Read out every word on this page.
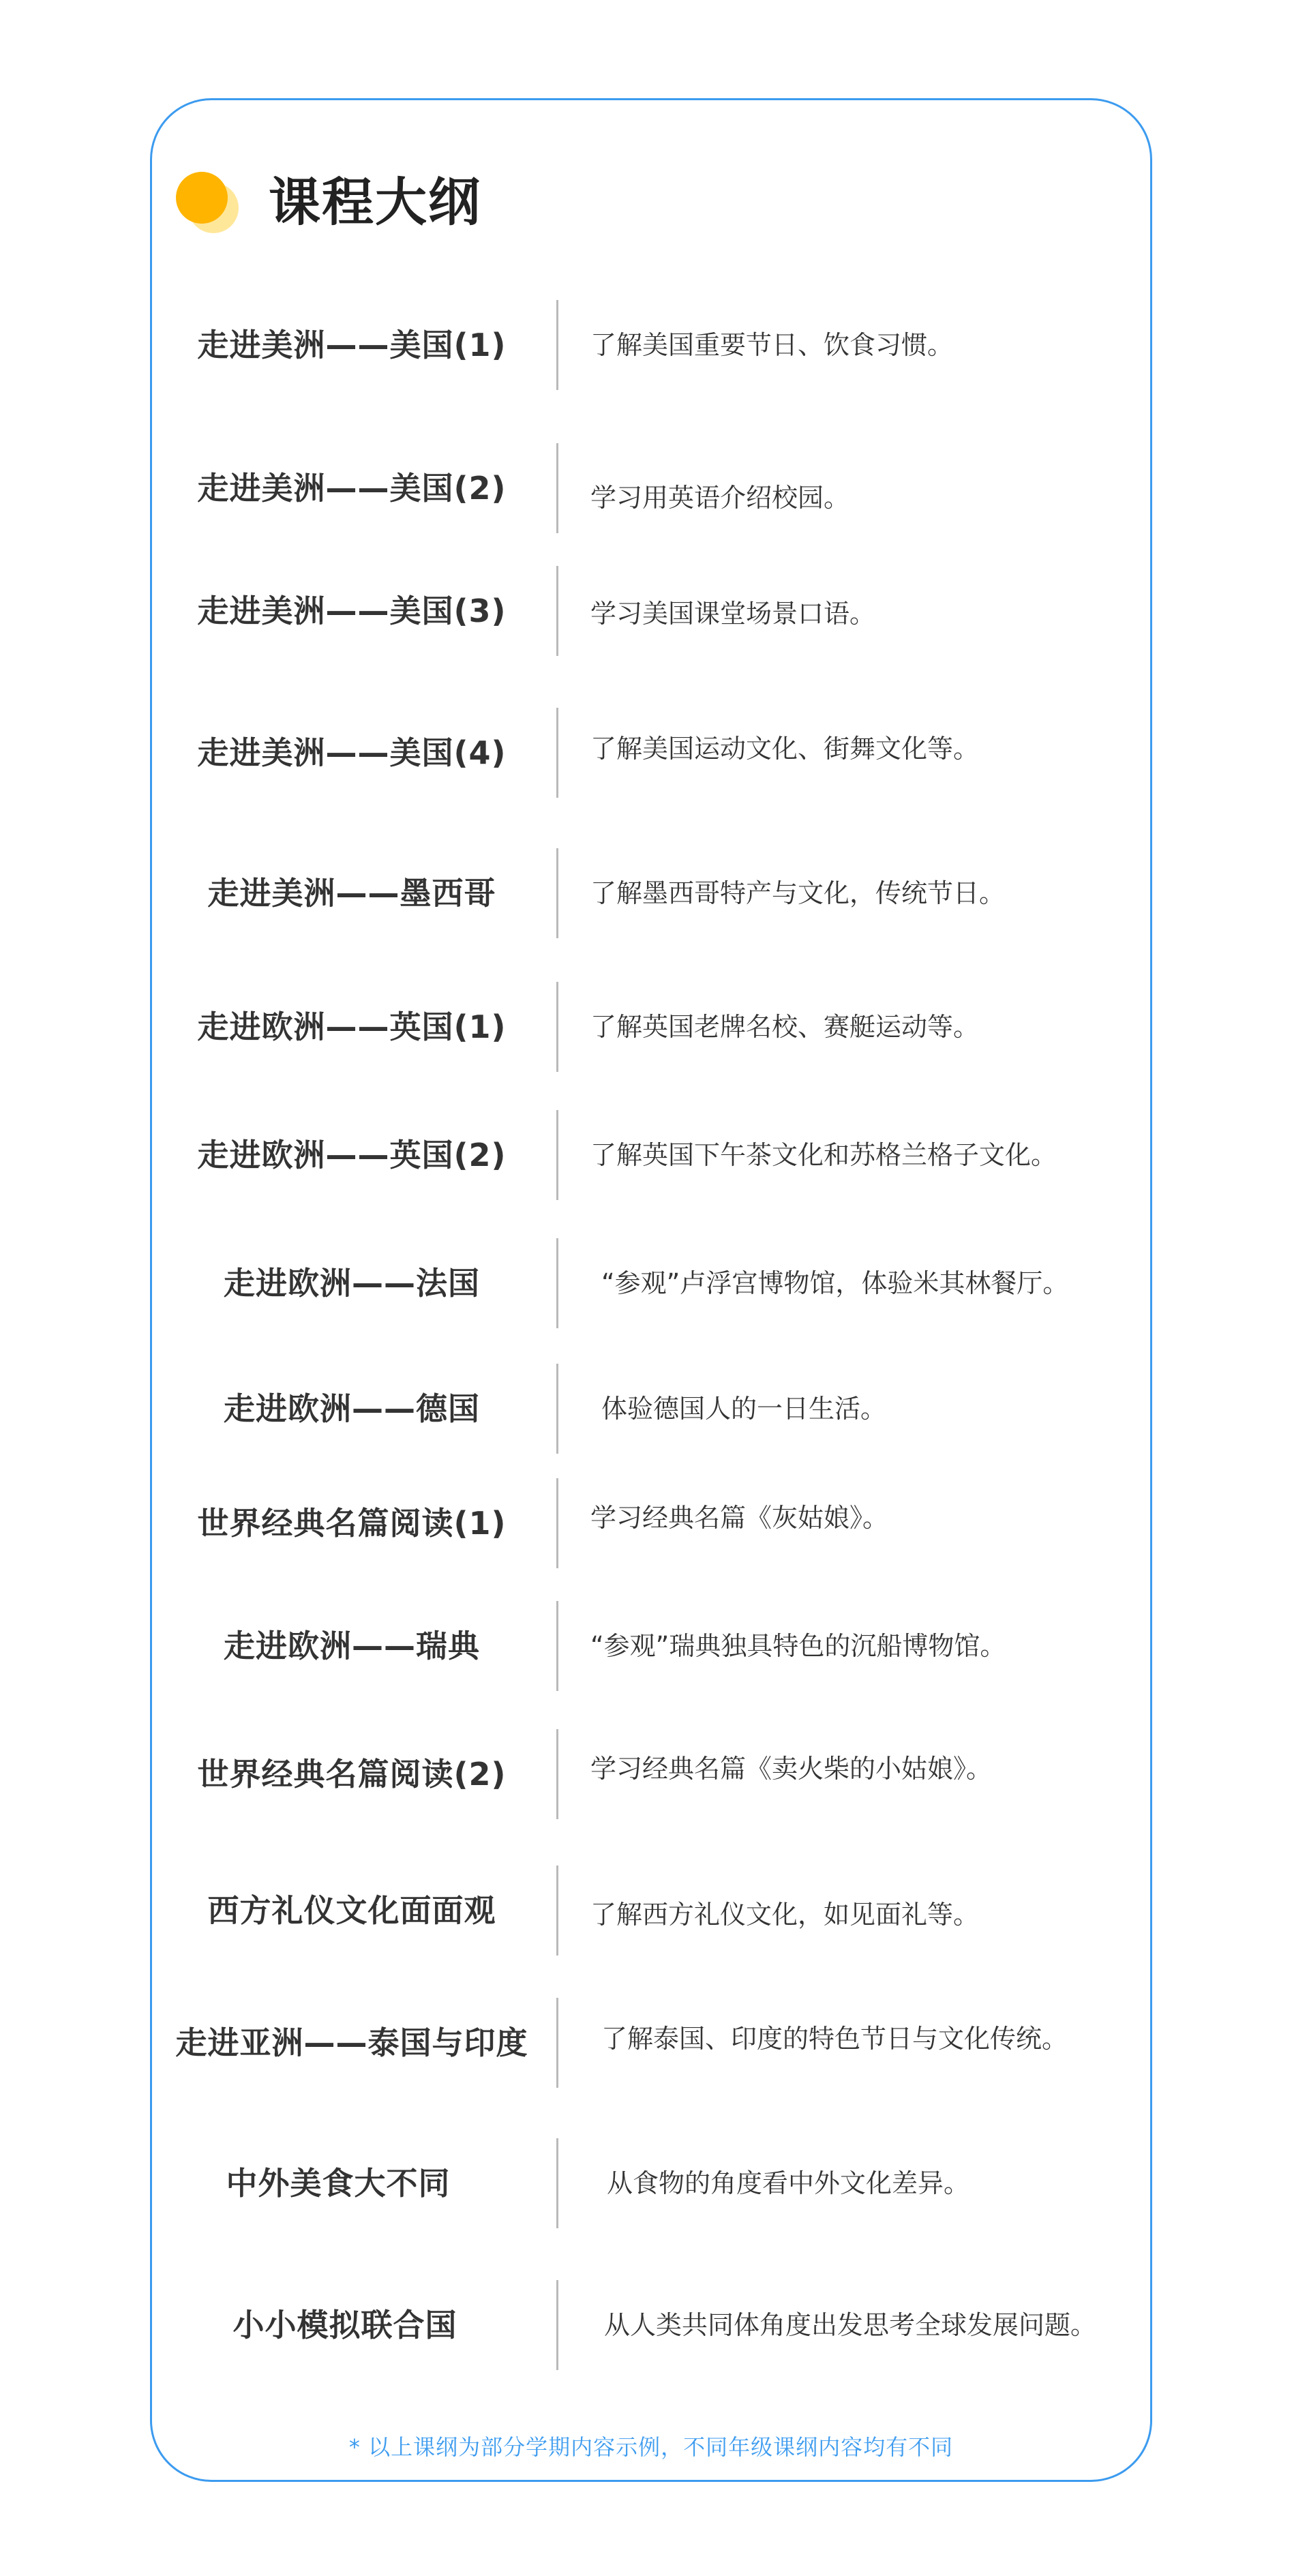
课程大纲
走进美洲——美国(1)	了解美国重要节日、饮食习惯。
走进美洲——美国(2)	学习用英语介绍校园。
走进美洲——美国(3)	学习美国课堂场景口语。
走进美洲——美国(4)	了解美国运动文化、街舞文化等。
走进美洲——墨西哥	了解墨西哥特产与文化，传统节日。
走进欧洲——英国(1)	了解英国老牌名校、赛艇运动等。
走进欧洲——英国(2)	了解英国下午茶文化和苏格兰格子文化。
走进欧洲——法国	“参观”卢浮宫博物馆，体验米其林餐厅。
走进欧洲——德国	体验德国人的一日生活。
世界经典名篇阅读(1)	学习经典名篇《灰姑娘》。
走进欧洲——瑞典	“参观”瑞典独具特色的沉船博物馆。
世界经典名篇阅读(2)	学习经典名篇《卖火柴的小姑娘》。
西方礼仪文化面面观	了解西方礼仪文化，如见面礼等。
走进亚洲——泰国与印度	了解泰国、印度的特色节日与文化传统。
中外美食大不同	从食物的角度看中外文化差异。
小小模拟联合国	从人类共同体角度出发思考全球发展问题。
* 以上课纲为部分学期内容示例，不同年级课纲内容均有不同
